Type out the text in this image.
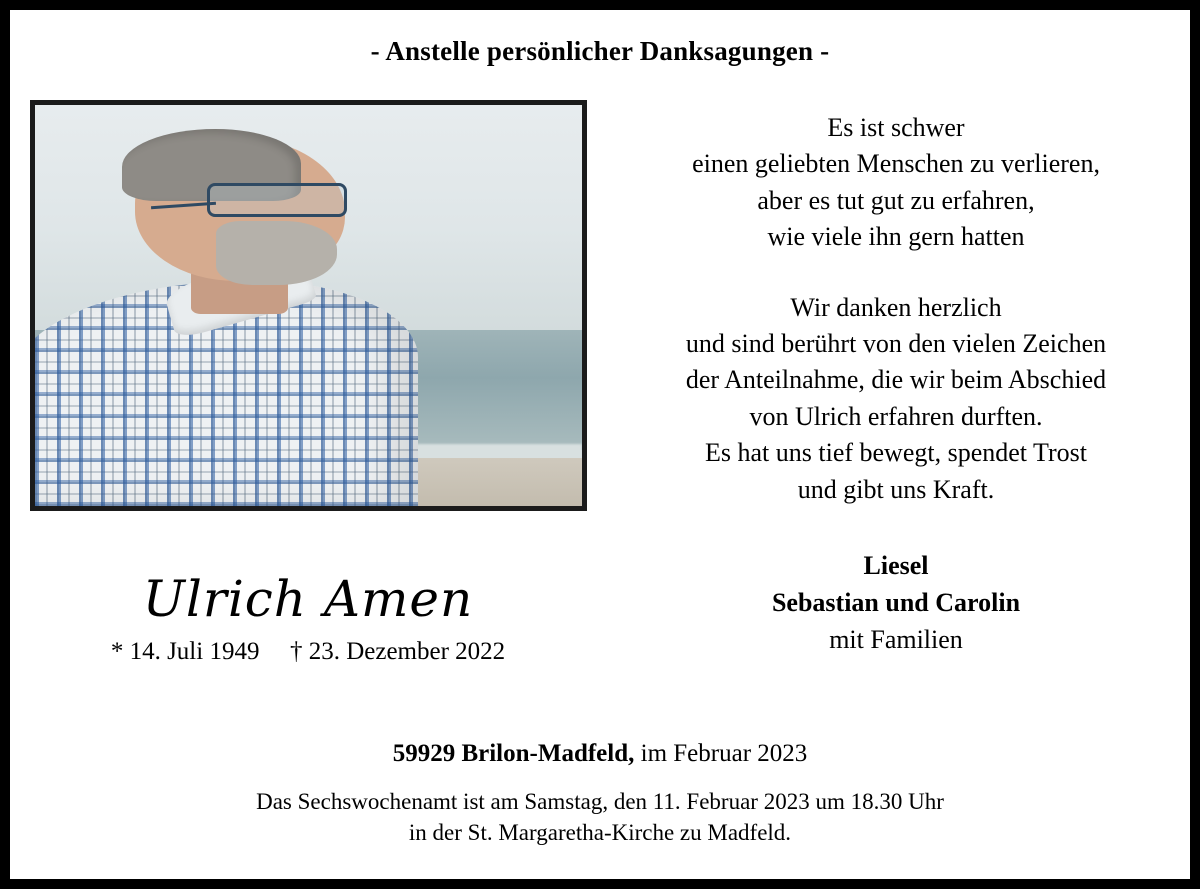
- Anstelle persönlicher Danksagungen -
Ulrich Amen
* 14. Juli 1949 † 23. Dezember 2022
Es ist schwer
einen geliebten Menschen zu verlieren,
aber es tut gut zu erfahren,
wie viele ihn gern hatten
Wir danken herzlich
und sind berührt von den vielen Zeichen
der Anteilnahme, die wir beim Abschied
von Ulrich erfahren durften.
Es hat uns tief bewegt, spendet Trost
und gibt uns Kraft.
Liesel
Sebastian und Carolin
mit Familien
59929 Brilon-Madfeld, im Februar 2023
Das Sechswochenamt ist am Samstag, den 11. Februar 2023 um 18.30 Uhr
in der St. Margaretha-Kirche zu Madfeld.
